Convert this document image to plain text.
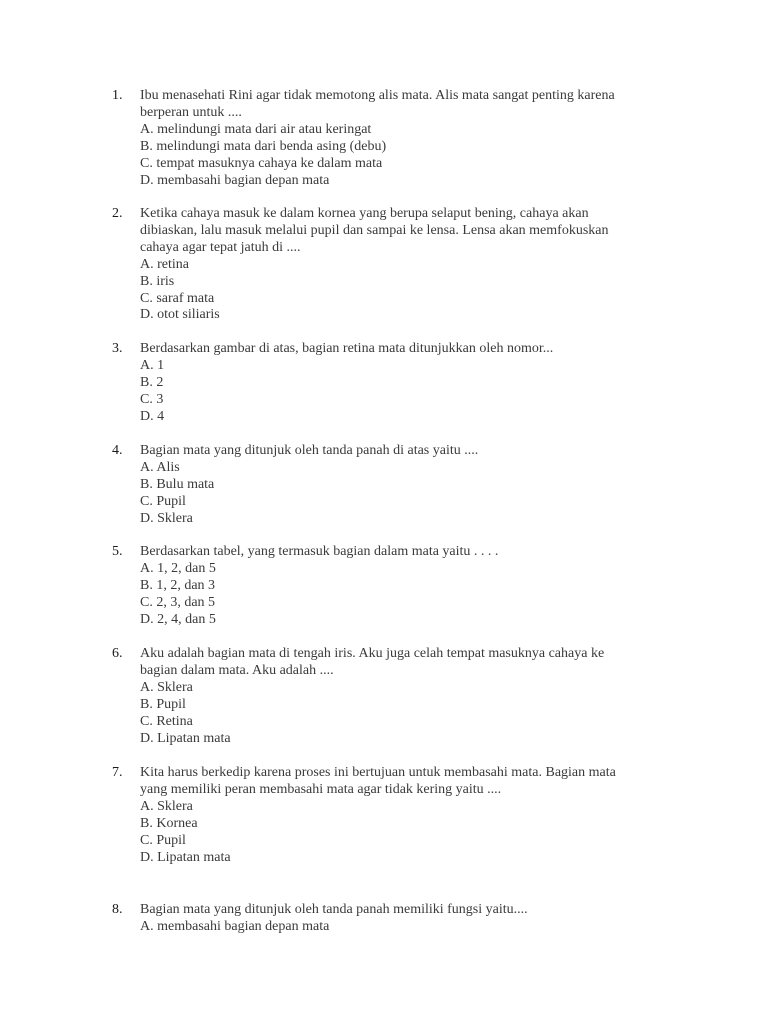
1.	Ibu menasehati Rini agar tidak memotong alis mata. Alis mata sangat penting karena
berperan untuk ....
A. melindungi mata dari air atau keringat
B. melindungi mata dari benda asing (debu)
C. tempat masuknya cahaya ke dalam mata
D. membasahi bagian depan mata
2.	Ketika cahaya masuk ke dalam kornea yang berupa selaput bening, cahaya akan
dibiaskan, lalu masuk melalui pupil dan sampai ke lensa. Lensa akan memfokuskan
cahaya agar tepat jatuh di ....
A. retina
B. iris
C. saraf mata
D. otot siliaris
3.	Berdasarkan gambar di atas, bagian retina mata ditunjukkan oleh nomor...
A. 1
B. 2
C. 3
D. 4
4.	Bagian mata yang ditunjuk oleh tanda panah di atas yaitu ....
A. Alis
B. Bulu mata
C. Pupil
D. Sklera
5.	Berdasarkan tabel, yang termasuk bagian dalam mata yaitu . . . .
A. 1, 2, dan 5
B. 1, 2, dan 3
C. 2, 3, dan 5
D. 2, 4, dan 5
6.	Aku adalah bagian mata di tengah iris. Aku juga celah tempat masuknya cahaya ke
bagian dalam mata. Aku adalah ....
A. Sklera
B. Pupil
C. Retina
D. Lipatan mata
7.	Kita harus berkedip karena proses ini bertujuan untuk membasahi mata. Bagian mata
yang memiliki peran membasahi mata agar tidak kering yaitu ....
A. Sklera
B. Kornea
C. Pupil
D. Lipatan mata
8.	Bagian mata yang ditunjuk oleh tanda panah memiliki fungsi yaitu....
A. membasahi bagian depan mata
